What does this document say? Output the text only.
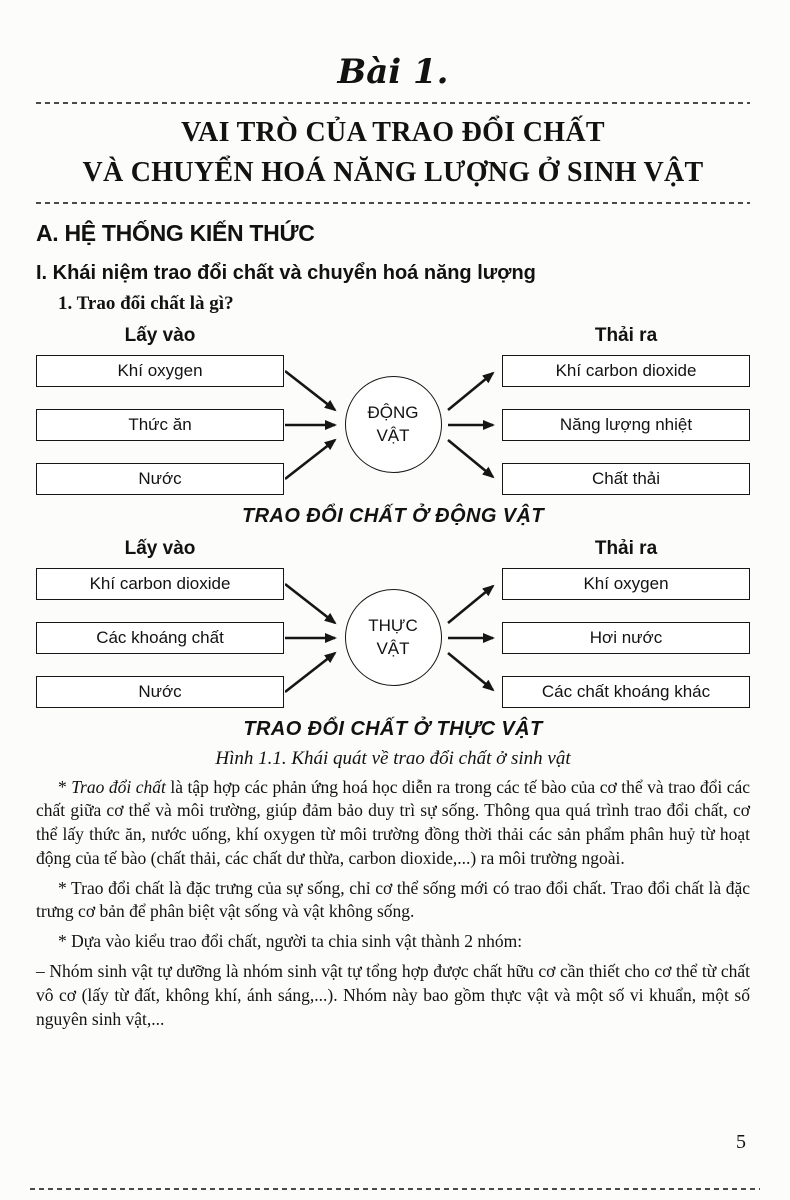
Bài 1.
VAI TRÒ CỦA TRAO ĐỔI CHẤT
VÀ CHUYỂN HOÁ NĂNG LƯỢNG Ở SINH VẬT
A. HỆ THỐNG KIẾN THỨC
I. Khái niệm trao đổi chất và chuyển hoá năng lượng
1. Trao đổi chất là gì?
Lấy vào	Thải ra
Khí oxygen
Thức ăn
Nước
ĐỘNG VẬT
Khí carbon dioxide
Năng lượng nhiệt
Chất thải
TRAO ĐỔI CHẤT Ở ĐỘNG VẬT
Lấy vào	Thải ra
Khí carbon dioxide
Các khoáng chất
Nước
THỰC VẬT
Khí oxygen
Hơi nước
Các chất khoáng khác
TRAO ĐỔI CHẤT Ở THỰC VẬT
Hình 1.1. Khái quát về trao đổi chất ở sinh vật

* Trao đổi chất là tập hợp các phản ứng hoá học diễn ra trong các tế bào của cơ thể và trao đổi các chất giữa cơ thể và môi trường, giúp đảm bảo duy trì sự sống. Thông qua quá trình trao đổi chất, cơ thể lấy thức ăn, nước uống, khí oxygen từ môi trường đồng thời thải các sản phẩm phân huỷ từ hoạt động của tế bào (chất thải, các chất dư thừa, carbon dioxide,...) ra môi trường ngoài.

* Trao đổi chất là đặc trưng của sự sống, chỉ cơ thể sống mới có trao đổi chất. Trao đổi chất là đặc trưng cơ bản để phân biệt vật sống và vật không sống.

* Dựa vào kiểu trao đổi chất, người ta chia sinh vật thành 2 nhóm:

– Nhóm sinh vật tự dưỡng là nhóm sinh vật tự tổng hợp được chất hữu cơ cần thiết cho cơ thể từ chất vô cơ (lấy từ đất, không khí, ánh sáng,...). Nhóm này bao gồm thực vật và một số vi khuẩn, một số nguyên sinh vật,...

5
